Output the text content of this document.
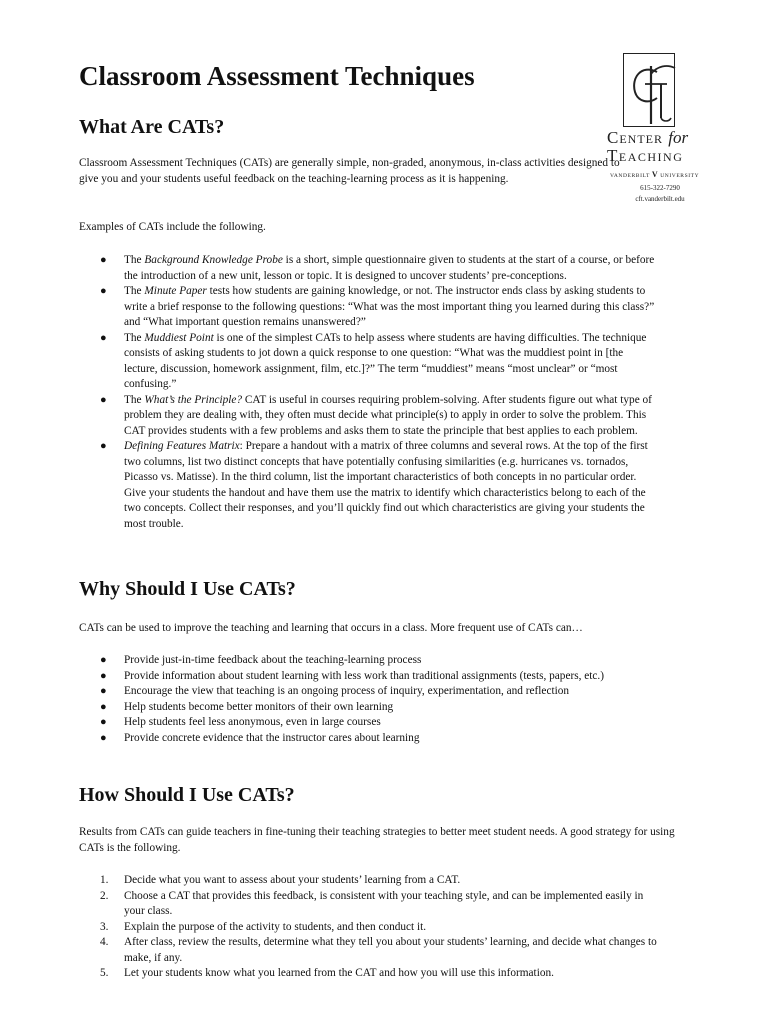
Classroom Assessment Techniques
Center for
Teaching
VANDERBILT V UNIVERSITY
615-322-7290
cft.vanderbilt.edu
What Are CATs?

Classroom Assessment Techniques (CATs) are generally simple, non-graded, anonymous, in-class activities designed to give you and your students useful feedback on the teaching-learning process as it is happening.

Examples of CATs include the following.

● The Background Knowledge Probe is a short, simple questionnaire given to students at the start of a course, or before the introduction of a new unit, lesson or topic. It is designed to uncover students’ pre-conceptions.
● The Minute Paper tests how students are gaining knowledge, or not. The instructor ends class by asking students to write a brief response to the following questions: “What was the most important thing you learned during this class?” and “What important question remains unanswered?”
● The Muddiest Point is one of the simplest CATs to help assess where students are having difficulties. The technique consists of asking students to jot down a quick response to one question: “What was the muddiest point in [the lecture, discussion, homework assignment, film, etc.]?” The term “muddiest” means “most unclear” or “most confusing.”
● The What’s the Principle? CAT is useful in courses requiring problem-solving. After students figure out what type of problem they are dealing with, they often must decide what principle(s) to apply in order to solve the problem. This CAT provides students with a few problems and asks them to state the principle that best applies to each problem.
● Defining Features Matrix: Prepare a handout with a matrix of three columns and several rows. At the top of the first two columns, list two distinct concepts that have potentially confusing similarities (e.g. hurricanes vs. tornados, Picasso vs. Matisse). In the third column, list the important characteristics of both concepts in no particular order. Give your students the handout and have them use the matrix to identify which characteristics belong to each of the two concepts. Collect their responses, and you’ll quickly find out which characteristics are giving your students the most trouble.
Why Should I Use CATs?

CATs can be used to improve the teaching and learning that occurs in a class. More frequent use of CATs can…

● Provide just-in-time feedback about the teaching-learning process
● Provide information about student learning with less work than traditional assignments (tests, papers, etc.)
● Encourage the view that teaching is an ongoing process of inquiry, experimentation, and reflection
● Help students become better monitors of their own learning
● Help students feel less anonymous, even in large courses
● Provide concrete evidence that the instructor cares about learning
How Should I Use CATs?

Results from CATs can guide teachers in fine-tuning their teaching strategies to better meet student needs. A good strategy for using CATs is the following.

1. Decide what you want to assess about your students’ learning from a CAT.
2. Choose a CAT that provides this feedback, is consistent with your teaching style, and can be implemented easily in your class.
3. Explain the purpose of the activity to students, and then conduct it.
4. After class, review the results, determine what they tell you about your students’ learning, and decide what changes to make, if any.
5. Let your students know what you learned from the CAT and how you will use this information.
